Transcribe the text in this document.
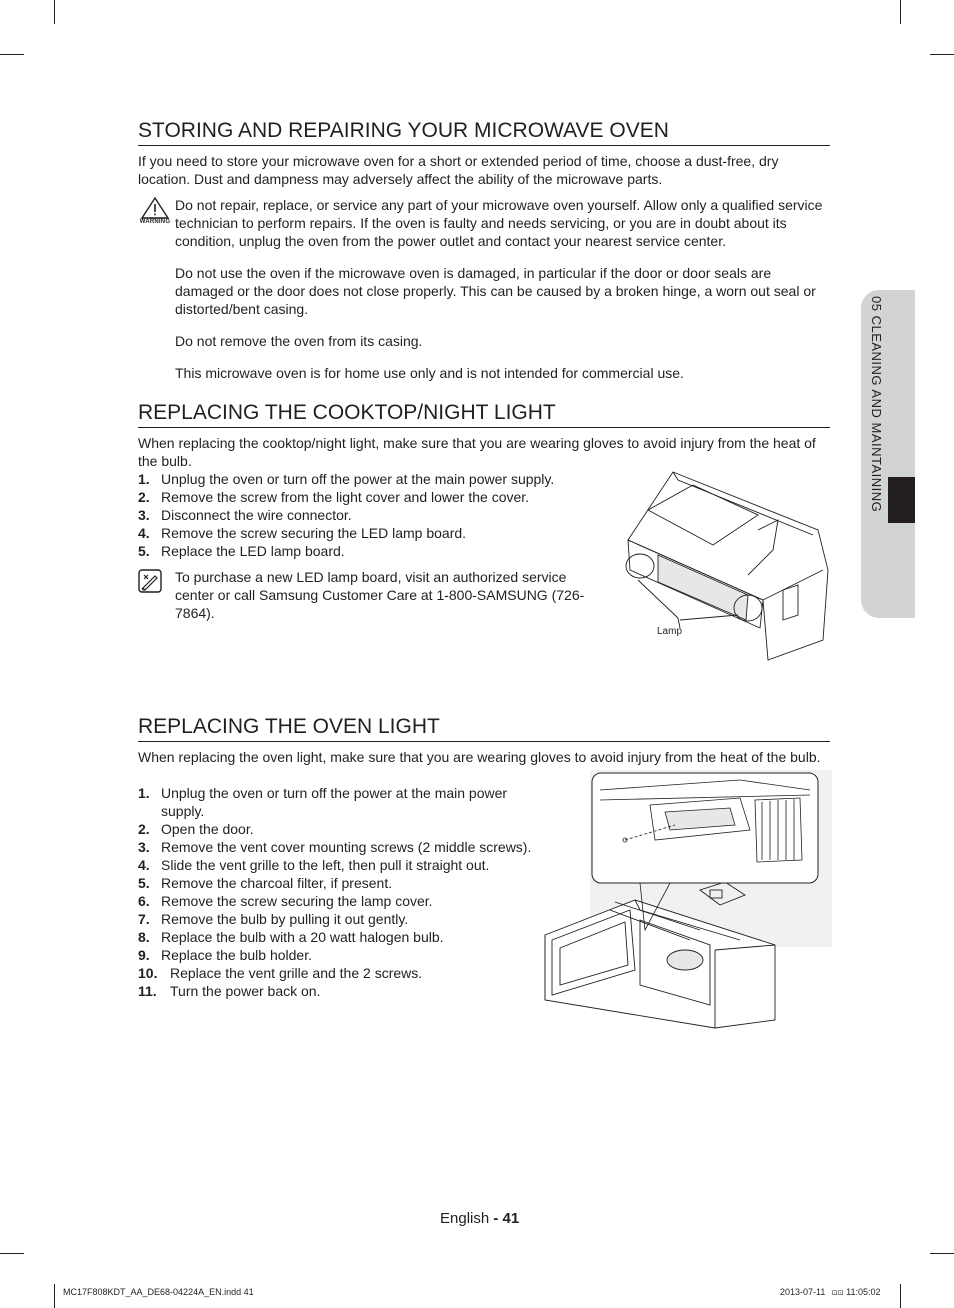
05 CLEANING AND MAINTAINING
STORING AND REPAIRING YOUR MICROWAVE OVEN
If you need to store your microwave oven for a short or extended period of time, choose a dust-free, dry location. Dust and dampness may adversely affect the ability of the microwave parts.
WARNING
Do not repair, replace, or service any part of your microwave oven yourself. Allow only a qualified service technician to perform repairs. If the oven is faulty and needs servicing, or you are in doubt about its condition, unplug the oven from the power outlet and contact your nearest service center.
Do not use the oven if the microwave oven is damaged, in particular if the door or door seals are damaged or the door does not close properly. This can be caused by a broken hinge, a worn out seal or distorted/bent casing.
Do not remove the oven from its casing.
This microwave oven is for home use only and is not intended for commercial use.
REPLACING THE COOKTOP/NIGHT LIGHT
When replacing the cooktop/night light, make sure that you are wearing gloves to avoid injury from the heat of the bulb.
1. Unplug the oven or turn off the power at the main power supply.
2. Remove the screw from the light cover and lower the cover.
3. Disconnect the wire connector.
4. Remove the screw securing the LED lamp board.
5. Replace the LED lamp board.
To purchase a new LED lamp board, visit an authorized service center or call Samsung Customer Care at 1-800-SAMSUNG (726-7864).
Lamp
REPLACING THE OVEN LIGHT
When replacing the oven light, make sure that you are wearing gloves to avoid injury from the heat of the bulb.
1. Unplug the oven or turn off the power at the main power supply.
2. Open the door.
3. Remove the vent cover mounting screws (2 middle screws).
4. Slide the vent grille to the left, then pull it straight out.
5. Remove the charcoal filter, if present.
6. Remove the screw securing the lamp cover.
7. Remove the bulb by pulling it out gently.
8. Replace the bulb with a 20 watt halogen bulb.
9. Replace the bulb holder.
10. Replace the vent grille and the 2 screws.
11. Turn the power back on.
English - 41
MC17F808KDT_AA_DE68-04224A_EN.indd 41	2013-07-11 ⊡⊡ 11:05:02
